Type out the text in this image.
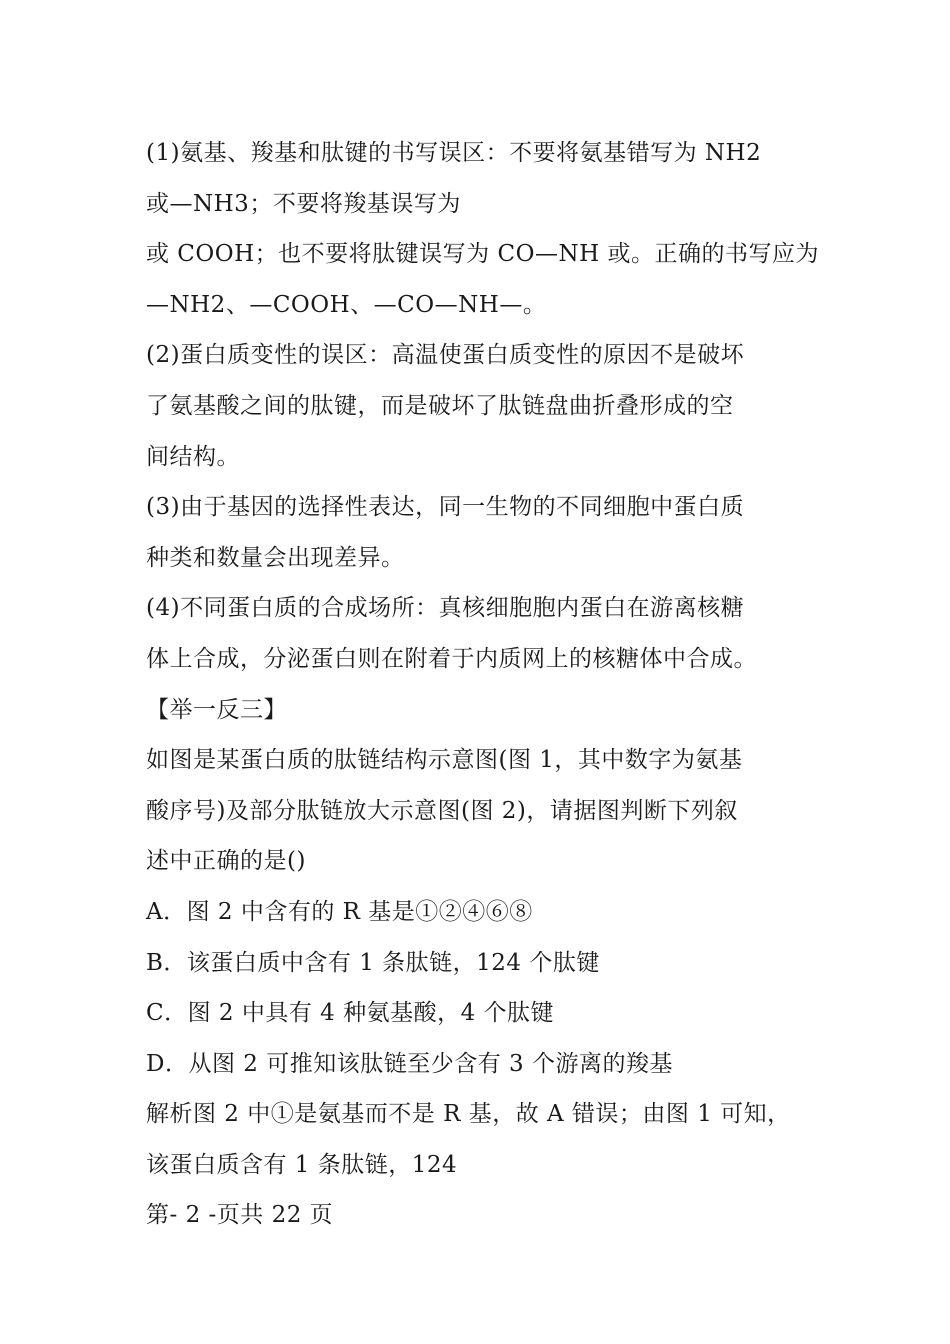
(1)氨基、羧基和肽键的书写误区：不要将氨基错写为 NH2
或—NH3；不要将羧基误写为
或 COOH；也不要将肽键误写为 CO—NH 或。正确的书写应为
—NH2、—COOH、—CO—NH—。
(2)蛋白质变性的误区：高温使蛋白质变性的原因不是破坏
了氨基酸之间的肽键，而是破坏了肽链盘曲折叠形成的空
间结构。
(3)由于基因的选择性表达，同一生物的不同细胞中蛋白质
种类和数量会出现差异。
(4)不同蛋白质的合成场所：真核细胞胞内蛋白在游离核糖
体上合成，分泌蛋白则在附着于内质网上的核糖体中合成。
【举一反三】
如图是某蛋白质的肽链结构示意图(图 1，其中数字为氨基
酸序号)及部分肽链放大示意图(图 2)，请据图判断下列叙
述中正确的是()
A．图 2 中含有的 R 基是①②④⑥⑧
B．该蛋白质中含有 1 条肽链，124 个肽键
C．图 2 中具有 4 种氨基酸，4 个肽键
D．从图 2 可推知该肽链至少含有 3 个游离的羧基
解析图 2 中①是氨基而不是 R 基，故 A 错误；由图 1 可知，
该蛋白质含有 1 条肽链，124
第- 2 -页共 22 页
